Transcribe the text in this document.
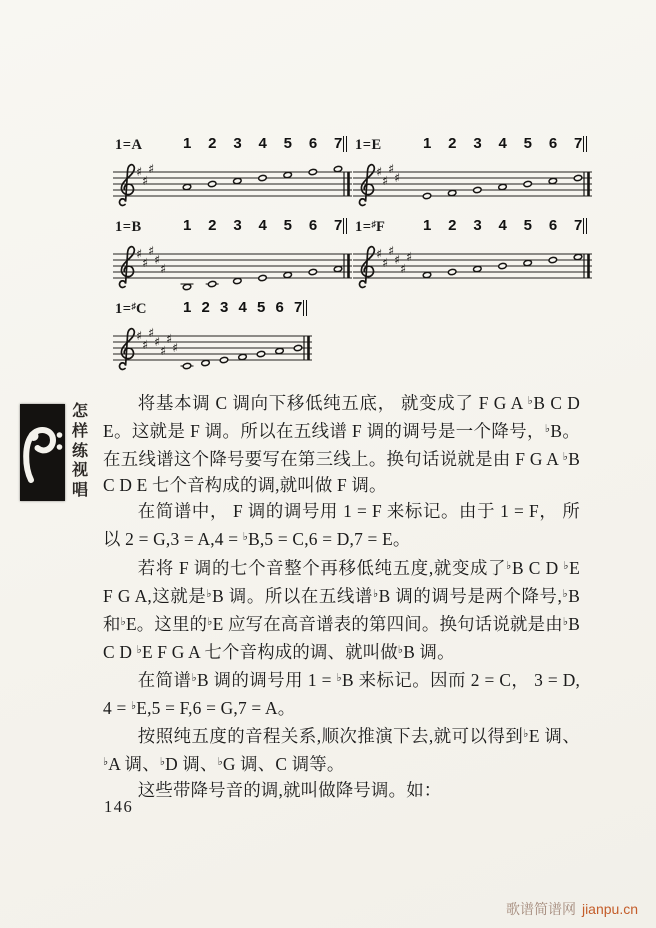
1=A	1 2 3 4 5 6 7
♯
♯
♯
1=E	1 2 3 4 5 6 7
♯
♯
♯
♯
1=B	1 2 3 4 5 6 7
♯
♯
♯
♯
♯
1=♯F	1 2 3 4 5 6 7
♯
♯
♯
♯
♯
♯
1=♯C 1 2 3 4 5 6 7
♯
♯
♯
♯
♯
♯
♯
怎
样
练
视
唱

将基本调 C 调向下移低纯五底， 就变成了 F G A ♭B C D E。这就是 F 调。所以在五线谱 F 调的调号是一个降号，♭B。在五线谱这个降号要写在第三线上。换句话说就是由 F G A ♭B C D E 七个音构成的调,就叫做 F 调。

在简谱中， F 调的调号用 1 = F 来标记。由于 1 = F， 所以 2 = G,3 = A,4 = ♭B,5 = C,6 = D,7 = E。

若将 F 调的七个音整个再移低纯五度,就变成了♭B C D ♭E F G A,这就是♭B 调。所以在五线谱♭B 调的调号是两个降号,♭B 和♭E。这里的♭E 应写在高音谱表的第四间。换句话说就是由♭B C D ♭E F G A 七个音构成的调、就叫做♭B 调。

在简谱♭B 调的调号用 1 = ♭B 来标记。因而 2 = C， 3 = D, 4 = ♭E,5 = F,6 = G,7 = A。

按照纯五度的音程关系,顺次推演下去,就可以得到♭E 调、♭A 调、♭D 调、♭G 调、C 调等。

这些带降号音的调,就叫做降号调。如：

146
歌谱简谱网 jianpu.cn
